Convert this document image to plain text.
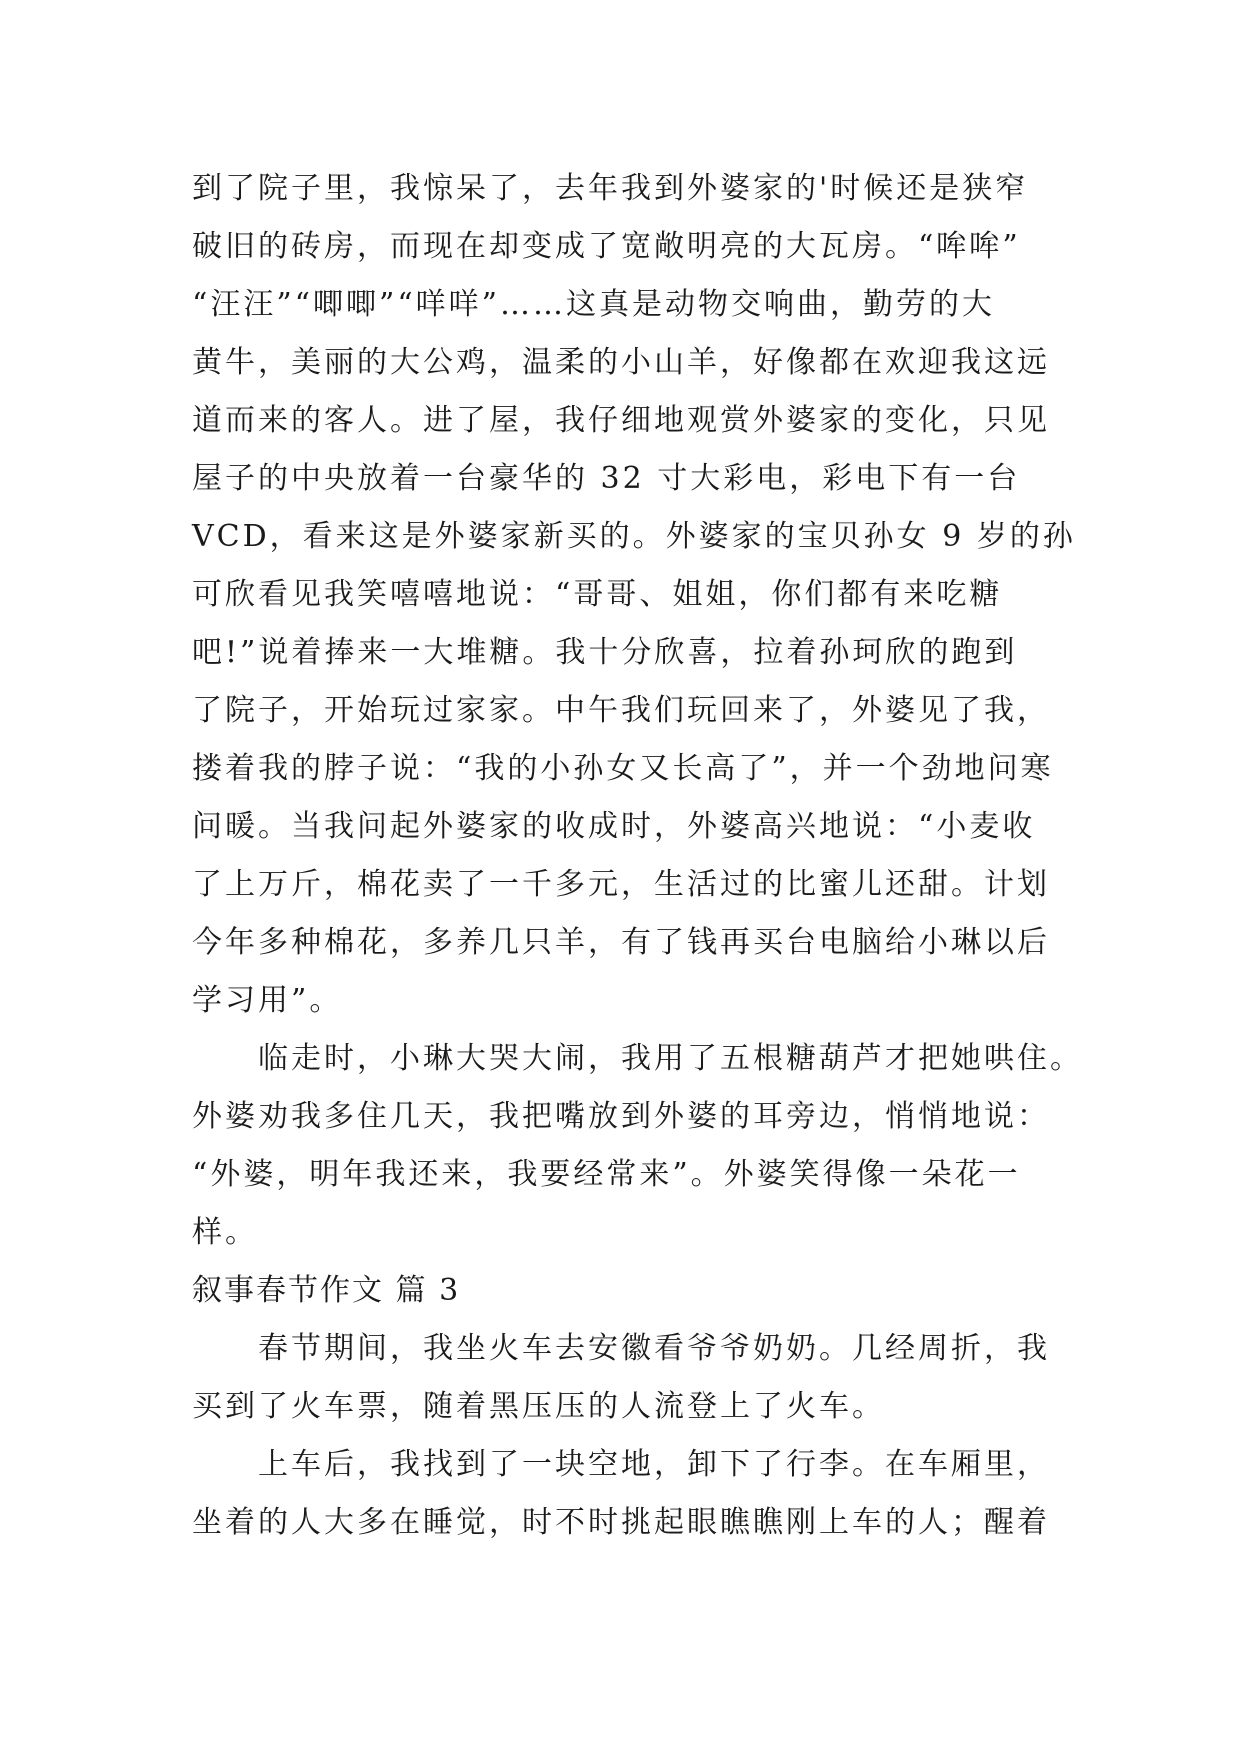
到了院子里，我惊呆了，去年我到外婆家的'时候还是狭窄
破旧的砖房，而现在却变成了宽敞明亮的大瓦房。“哞哞”
“汪汪”“唧唧”“咩咩”……这真是动物交响曲，勤劳的大
黄牛，美丽的大公鸡，温柔的小山羊，好像都在欢迎我这远
道而来的客人。进了屋，我仔细地观赏外婆家的变化，只见
屋子的中央放着一台豪华的 32 寸大彩电，彩电下有一台
VCD，看来这是外婆家新买的。外婆家的宝贝孙女 9 岁的孙
可欣看见我笑嘻嘻地说：“哥哥、姐姐，你们都有来吃糖
吧!”说着捧来一大堆糖。我十分欣喜，拉着孙珂欣的跑到
了院子，开始玩过家家。中午我们玩回来了，外婆见了我，
搂着我的脖子说：“我的小孙女又长高了”，并一个劲地问寒
问暖。当我问起外婆家的收成时，外婆高兴地说：“小麦收
了上万斤，棉花卖了一千多元，生活过的比蜜儿还甜。计划
今年多种棉花，多养几只羊，有了钱再买台电脑给小琳以后
学习用”。
临走时，小琳大哭大闹，我用了五根糖葫芦才把她哄住。
外婆劝我多住几天，我把嘴放到外婆的耳旁边，悄悄地说：
“外婆，明年我还来，我要经常来”。外婆笑得像一朵花一
样。
叙事春节作文 篇 3
春节期间，我坐火车去安徽看爷爷奶奶。几经周折，我
买到了火车票，随着黑压压的人流登上了火车。
上车后，我找到了一块空地，卸下了行李。在车厢里，
坐着的人大多在睡觉，时不时挑起眼瞧瞧刚上车的人；醒着
